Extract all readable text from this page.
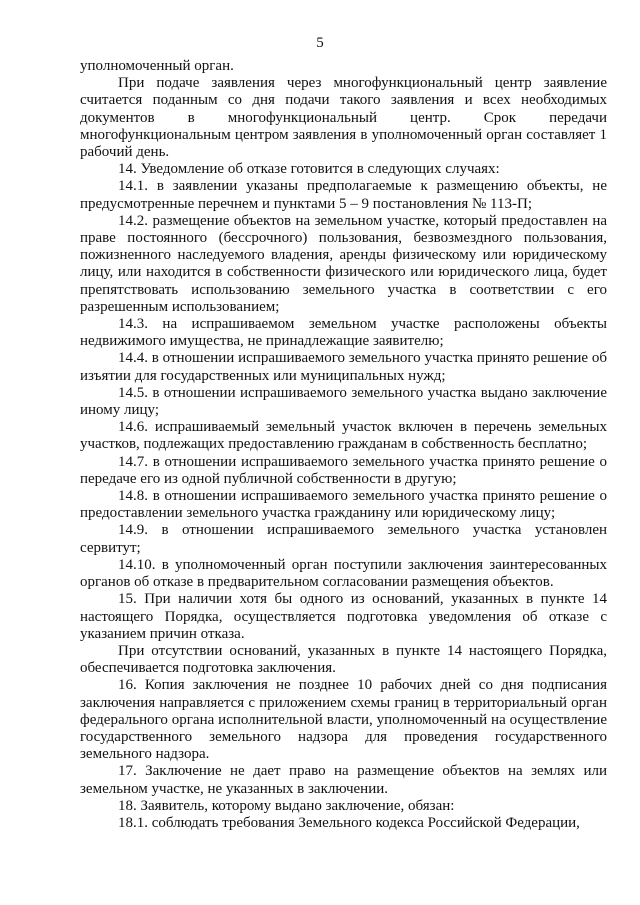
5

уполномоченный орган.

При подаче заявления через многофункциональный центр заявление считается поданным со дня подачи такого заявления и всех необходимых документов в многофункциональный центр. Срок передачи многофункциональным центром заявления в уполномоченный орган составляет 1 рабочий день.

14. Уведомление об отказе готовится в следующих случаях:

14.1. в заявлении указаны предполагаемые к размещению объекты, не предусмотренные перечнем и пунктами 5 – 9 постановления № 113-П;

14.2. размещение объектов на земельном участке, который предоставлен на праве постоянного (бессрочного) пользования, безвозмездного пользования, пожизненного наследуемого владения, аренды физическому или юридическому лицу, или находится в собственности физического или юридического лица, будет препятствовать использованию земельного участка в соответствии с его разрешенным использованием;

14.3. на испрашиваемом земельном участке расположены объекты недвижимого имущества, не принадлежащие заявителю;

14.4. в отношении испрашиваемого земельного участка принято решение об изъятии для государственных или муниципальных нужд;

14.5. в отношении испрашиваемого земельного участка выдано заключение иному лицу;

14.6. испрашиваемый земельный участок включен в перечень земельных участков, подлежащих предоставлению гражданам в собственность бесплатно;

14.7. в отношении испрашиваемого земельного участка принято решение о передаче его из одной публичной собственности в другую;

14.8. в отношении испрашиваемого земельного участка принято решение о предоставлении земельного участка гражданину или юридическому лицу;

14.9. в отношении испрашиваемого земельного участка установлен сервитут;

14.10. в уполномоченный орган поступили заключения заинтересованных органов об отказе в предварительном согласовании размещения объектов.

15. При наличии хотя бы одного из оснований, указанных в пункте 14 настоящего Порядка, осуществляется подготовка уведомления об отказе с указанием причин отказа.

При отсутствии оснований, указанных в пункте 14 настоящего Порядка, обеспечивается подготовка заключения.

16. Копия заключения не позднее 10 рабочих дней со дня подписания заключения направляется с приложением схемы границ в территориальный орган федерального органа исполнительной власти, уполномоченный на осуществление государственного земельного надзора для проведения государственного земельного надзора.

17. Заключение не дает право на размещение объектов на землях или земельном участке, не указанных в заключении.

18. Заявитель, которому выдано заключение, обязан:

18.1. соблюдать требования Земельного кодекса Российской Федерации,
